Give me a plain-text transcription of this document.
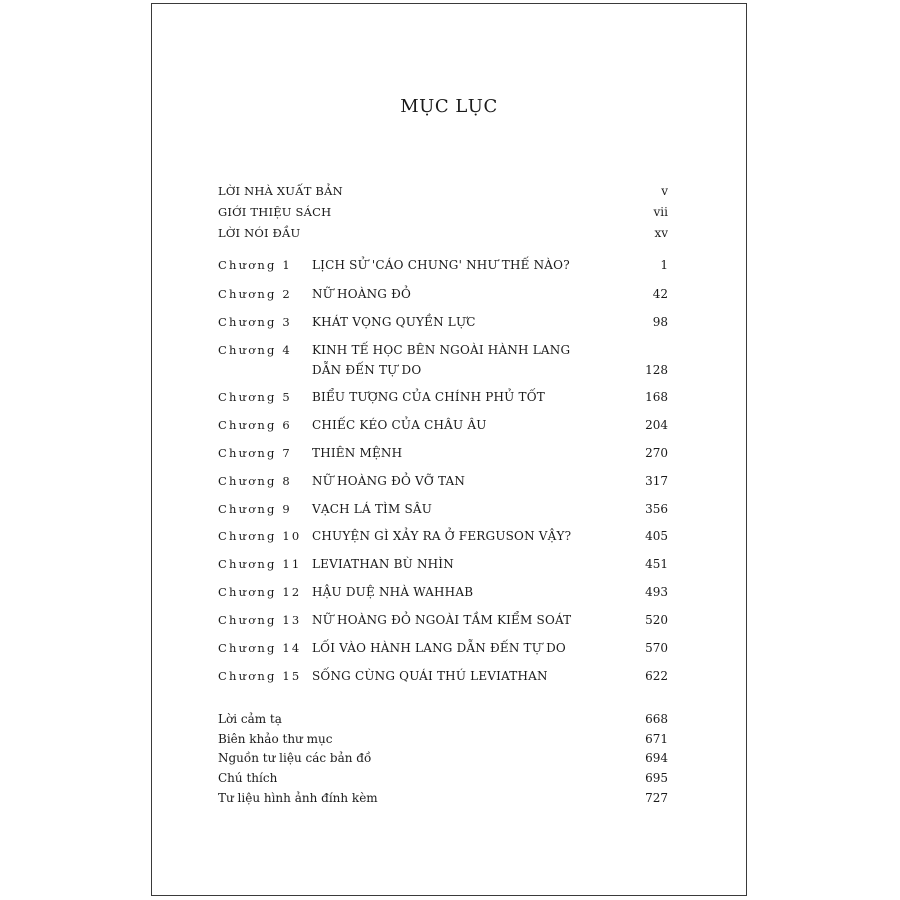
MỤC LỤC
LỜI NHÀ XUẤT BẢN	v
GIỚI THIỆU SÁCH	vii
LỜI NÓI ĐẦU	xv
Chương 1 LỊCH SỬ 'CÁO CHUNG' NHƯ THẾ NÀO?	1
Chương 2 NỮ HOÀNG ĐỎ	42
Chương 3 KHÁT VỌNG QUYỀN LỰC	98
Chương 4 KINH TẾ HỌC BÊN NGOÀI HÀNH LANG
DẪN ĐẾN TỰ DO	128
Chương 5 BIỂU TƯỢNG CỦA CHÍNH PHỦ TỐT	168
Chương 6 CHIẾC KÉO CỦA CHÂU ÂU	204
Chương 7 THIÊN MỆNH	270
Chương 8 NỮ HOÀNG ĐỎ VỠ TAN	317
Chương 9 VẠCH LÁ TÌM SÂU	356
Chương 10 CHUYỆN GÌ XẢY RA Ở FERGUSON VẬY?	405
Chương 11 LEVIATHAN BÙ NHÌN	451
Chương 12 HẬU DUỆ NHÀ WAHHAB	493
Chương 13 NỮ HOÀNG ĐỎ NGOÀI TẦM KIỂM SOÁT	520
Chương 14 LỐI VÀO HÀNH LANG DẪN ĐẾN TỰ DO	570
Chương 15 SỐNG CÙNG QUÁI THÚ LEVIATHAN	622
Lời cảm tạ	668
Biên khảo thư mục	671
Nguồn tư liệu các bản đồ	694
Chú thích	695
Tư liệu hình ảnh đính kèm	727
